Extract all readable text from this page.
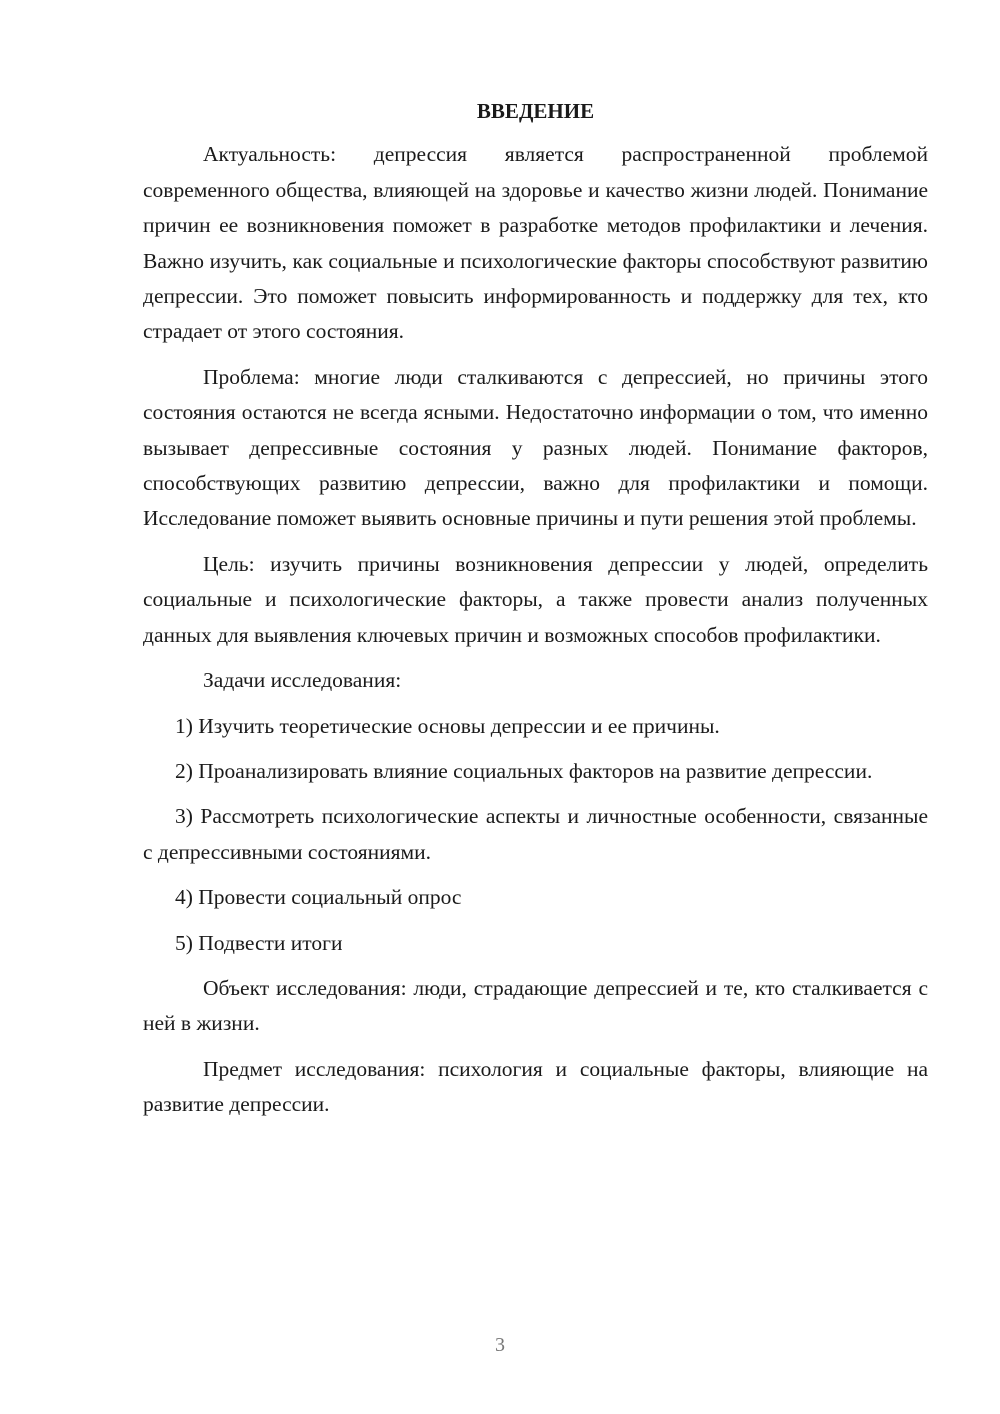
ВВЕДЕНИЕ

Актуальность: депрессия является распространенной проблемой современного общества, влияющей на здоровье и качество жизни людей. Понимание причин ее возникновения поможет в разработке методов профилактики и лечения. Важно изучить, как социальные и психологические факторы способствуют развитию депрессии. Это поможет повысить информированность и поддержку для тех, кто страдает от этого состояния.

Проблема: многие люди сталкиваются с депрессией, но причины этого состояния остаются не всегда ясными. Недостаточно информации о том, что именно вызывает депрессивные состояния у разных людей. Понимание факторов, способствующих развитию депрессии, важно для профилактики и помощи. Исследование поможет выявить основные причины и пути решения этой проблемы.

Цель: изучить причины возникновения депрессии у людей, определить социальные и психологические факторы, а также провести анализ полученных данных для выявления ключевых причин и возможных способов профилактики.

Задачи исследования:

1) Изучить теоретические основы депрессии и ее причины.

2) Проанализировать влияние социальных факторов на развитие депрессии.

3) Рассмотреть психологические аспекты и личностные особенности, связанные с депрессивными состояниями.

4) Провести социальный опрос

5) Подвести итоги

Объект исследования: люди, страдающие депрессией и те, кто сталкивается с ней в жизни.

Предмет исследования: психология и социальные факторы, влияющие на развитие депрессии.

3
